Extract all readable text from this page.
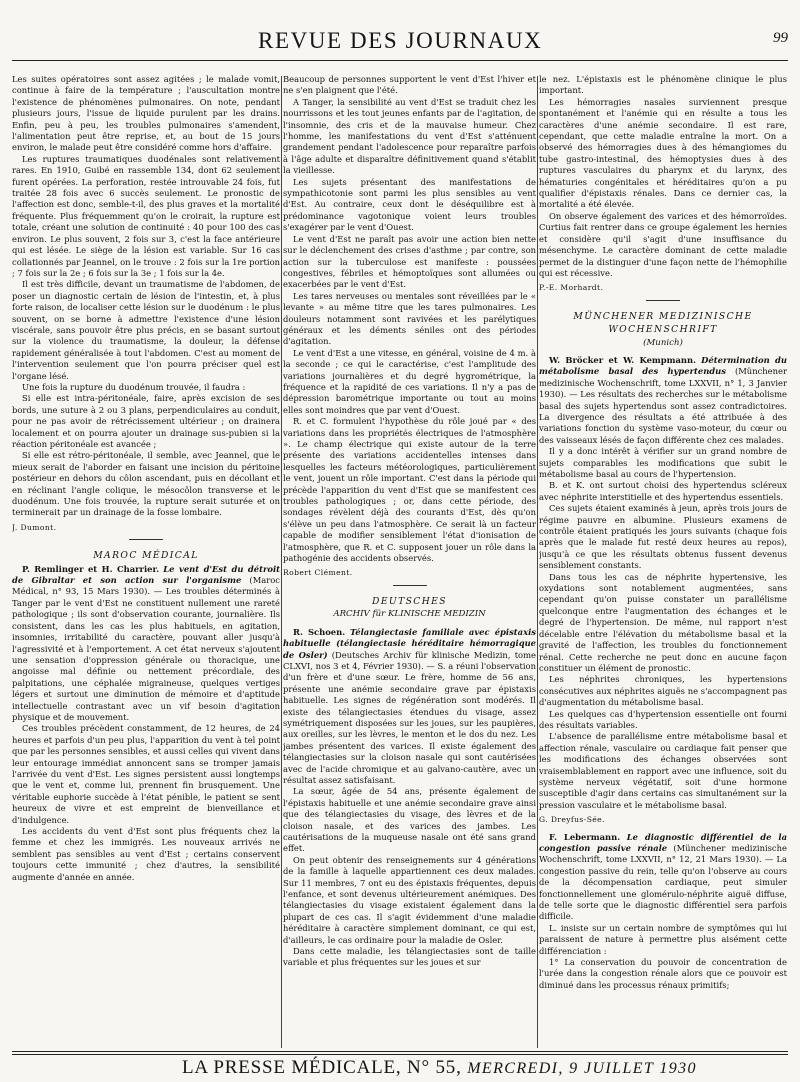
REVUE DES JOURNAUX	99

Les suites opératoires sont assez agitées ; le malade vomit, continue à faire de la température ; l'auscultation montre l'existence de phénomènes pulmonaires. On note, pendant plusieurs jours, l'issue de liquide purulent par les drains. Enfin, peu à peu, les troubles pulmonaires s'amendent, l'alimentation peut être reprise, et, au bout de 15 jours environ, le malade peut être considéré comme hors d'affaire.

Les ruptures traumatiques duodénales sont relativement rares. En 1910, Guibé en rassemble 134, dont 62 seulement furent opérées. La perforation, restée introuvable 24 fois, fut traitée 28 fois avec 6 succès seulement. Le pronostic de l'affection est donc, semble-t-il, des plus graves et la mortalité fréquente. Plus fréquemment qu'on le croirait, la rupture est totale, créant une solution de continuité : 40 pour 100 des cas environ. Le plus souvent, 2 fois sur 3, c'est la face antérieure qui est lésée. Le siège de la lésion est variable. Sur 16 cas collationnés par Jeannel, on le trouve : 2 fois sur la 1re portion ; 7 fois sur la 2e ; 6 fois sur la 3e ; 1 fois sur la 4e.

Il est très difficile, devant un traumatisme de l'abdomen, de poser un diagnostic certain de lésion de l'intestin, et, à plus forte raison, de localiser cette lésion sur le duodénum : le plus souvent, on se borne à admettre l'existence d'une lésion viscérale, sans pouvoir être plus précis, en se basant surtout sur la violence du traumatisme, la douleur, la défense rapidement généralisée à tout l'abdomen. C'est au moment de l'intervention seulement que l'on pourra préciser quel est l'organe lésé.

Une fois la rupture du duodénum trouvée, il faudra :

Si elle est intra-péritonéale, faire, après excision de ses bords, une suture à 2 ou 3 plans, perpendiculaires au conduit, pour ne pas avoir de rétrécissement ultérieur ; on drainera localement et on pourra ajouter un drainage sus-pubien si la réaction péritonéale est avancée ;

Si elle est rétro-péritonéale, il semble, avec Jeannel, que le mieux serait de l'aborder en faisant une incision du péritoine postérieur en dehors du côlon ascendant, puis en décollant et en réclinant l'angle colique, le mésocôlon transverse et le duodénum. Une fois trouvée, la rupture serait suturée et on terminerait par un drainage de la fosse lombaire.

J. Dumont.

MAROC MÉDICAL

P. Remlinger et H. Charrier. Le vent d'Est du détroit de Gibraltar et son action sur l'organisme (Maroc Médical, n° 93, 15 Mars 1930). — Les troubles déterminés à Tanger par le vent d'Est ne constituent nullement une rareté pathologique ; ils sont d'observation courante, journalière. Ils consistent, dans les cas les plus habituels, en agitation, insomnies, irritabilité du caractère, pouvant aller jusqu'à l'agressivité et à l'emportement. A cet état nerveux s'ajoutent une sensation d'oppression générale ou thoracique, une angoisse mal définie ou nettement précordiale, des palpitations, une céphalée migraineuse, quelques vertiges légers et surtout une diminution de mémoire et d'aptitude intellectuelle contrastant avec un vif besoin d'agitation physique et de mouvement.

Ces troubles précèdent constamment, de 12 heures, de 24 heures et parfois d'un peu plus, l'apparition du vent à tel point que par les personnes sensibles, et aussi celles qui vivent dans leur entourage immédiat annoncent sans se tromper jamais l'arrivée du vent d'Est. Les signes persistent aussi longtemps que le vent et, comme lui, prennent fin brusquement. Une véritable euphorie succède à l'état pénible, le patient se sent heureux de vivre et est empreint de bienveillance et d'indulgence.

Les accidents du vent d'Est sont plus fréquents chez la femme et chez les immigrés. Les nouveaux arrivés ne semblent pas sensibles au vent d'Est ; certains conservent toujours cette immunité ; chez d'autres, la sensibilité augmente d'année en année.

Beaucoup de personnes supportent le vent d'Est l'hiver et ne s'en plaignent que l'été.

A Tanger, la sensibilité au vent d'Est se traduit chez les nourrissons et les tout jeunes enfants par de l'agitation, de l'insomnie, des cris et de la mauvaise humeur. Chez l'homme, les manifestations du vent d'Est s'atténuent grandement pendant l'adolescence pour reparaître parfois à l'âge adulte et disparaître définitivement quand s'établit la vieillesse.

Les sujets présentant des manifestations de sympathicotonie sont parmi les plus sensibles au vent d'Est. Au contraire, ceux dont le déséquilibre est à prédominance vagotonique voient leurs troubles s'exagérer par le vent d'Ouest.

Le vent d'Est ne paraît pas avoir une action bien nette sur le déclenchement des crises d'asthme ; par contre, son action sur la tuberculose est manifeste : poussées congestives, fébriles et hémoptoïques sont allumées ou exacerbées par le vent d'Est.

Les tares nerveuses ou mentales sont réveillées par le « levante » au même titre que les tares pulmonaires. Les douleurs notamment sont ravivées et les parélytiques généraux et les déments séniles ont des périodes d'agitation.

Le vent d'Est a une vitesse, en général, voisine de 4 m. à la seconde ; ce qui le caractérise, c'est l'amplitude des variations journalières et du degré hygrométrique, la fréquence et la rapidité de ces variations. Il n'y a pas de dépression barométrique importante ou tout au moins elles sont moindres que par vent d'Ouest.

R. et C. formulent l'hypothèse du rôle joué par « des variations dans les propriétés électriques de l'atmosphère ». Le champ électrique qui existe autour de la terre présente des variations accidentelles intenses dans lesquelles les facteurs météorologiques, particulièrement le vent, jouent un rôle important. C'est dans la période qui précède l'apparition du vent d'Est que se manifestent ces troubles pathologiques ; or, dans cette période, des sondages révèlent déjà des courants d'Est, dès qu'on s'élève un peu dans l'atmosphère. Ce serait là un facteur capable de modifier sensiblement l'état d'ionisation de l'atmosphère, que R. et C. supposent jouer un rôle dans la pathogénie des accidents observés.

Robert Clément.

DEUTSCHES
ARCHIV für KLINISCHE MEDIZIN

R. Schoen. Télangiectasie familiale avec épistaxis habituelle (télangiectasie héréditaire hémorragique de Osler) (Deutsches Archiv für klinische Medizin, tome CLXVI, nos 3 et 4, Février 1930). — S. a réuni l'observation d'un frère et d'une sœur. Le frère, homme de 56 ans, présente une anémie secondaire grave par épistaxis habituelle. Les signes de régénération sont modérés. Il existe des télangiectasies étendues du visage, assez symétriquement disposées sur les joues, sur les paupières, aux oreilles, sur les lèvres, le menton et le dos du nez. Les jambes présentent des varices. Il existe également des télangiectasies sur la cloison nasale qui sont cautérisées avec de l'acide chromique et au galvano-cautère, avec un résultat assez satisfaisant.

La sœur, âgée de 54 ans, présente également de l'épistaxis habituelle et une anémie secondaire grave ainsi que des télangiectasies du visage, des lèvres et de la cloison nasale, et des varices des jambes. Les cautérisations de la muqueuse nasale ont été sans grand effet.

On peut obtenir des renseignements sur 4 générations de la famille à laquelle appartiennent ces deux malades. Sur 11 membres, 7 ont eu des épistaxis fréquentes, depuis l'enfance, et sont devenus ultérieurement anémiques. Des télangiectasies du visage existaient également dans la plupart de ces cas. Il s'agit évidemment d'une maladie héréditaire à caractère simplement dominant, ce qui est, d'ailleurs, le cas ordinaire pour la maladie de Osler.

Dans cette maladie, les télangiectasies sont de taille variable et plus fréquentes sur les joues et sur

le nez. L'épistaxis est le phénomène clinique le plus important.

Les hémorragies nasales surviennent presque spontanément et l'anémie qui en résulte a tous les caractères d'une anémie secondaire. Il est rare, cependant, que cette maladie entraîne la mort. On a observé des hémorragies dues à des hémangiomes du tube gastro-intestinal, des hémoptysies dues à des ruptures vasculaires du pharynx et du larynx, des hématuries congénitales et héréditaires qu'on a pu qualifier d'épistaxis rénales. Dans ce dernier cas, la mortalité a été élevée.

On observe également des varices et des hémorroïdes. Curtius fait rentrer dans ce groupe également les hernies et considère qu'il s'agit d'une insuffisance du mésenchyme. Le caractère dominant de cette maladie permet de la distinguer d'une façon nette de l'hémophilie qui est récessive.

P.-E. Morhardt.

MÜNCHENER MEDIZINISCHE
WOCHENSCHRIFT
(Munich)

W. Bröcker et W. Kempmann. Détermination du métabolisme basal des hypertendus (Münchener medizinische Wochenschrift, tome LXXVII, n° 1, 3 Janvier 1930). — Les résultats des recherches sur le métabolisme basal des sujets hypertendus sont assez contradictoires. La divergence des résultats a été attribuée à des variations fonction du système vaso-moteur, du cœur ou des vaisseaux lésés de façon différente chez ces malades.

Il y a donc intérêt à vérifier sur un grand nombre de sujets comparables les modifications que subit le métabolisme basal au cours de l'hypertension.

B. et K. ont surtout choisi des hypertendus scléreux avec néphrite interstitielle et des hypertendus essentiels.

Ces sujets étaient examinés à jeun, après trois jours de régime pauvre en albumine. Plusieurs examens de contrôle étaient pratiqués les jours suivants (chaque fois après que le malade fut resté deux heures au repos), jusqu'à ce que les résultats obtenus fussent devenus sensiblement constants.

Dans tous les cas de néphrite hypertensive, les oxydations sont notablement augmentées, sans cependant qu'on puisse constater un parallélisme quelconque entre l'augmentation des échanges et le degré de l'hypertension. De même, nul rapport n'est décelable entre l'élévation du métabolisme basal et la gravité de l'affection, les troubles du fonctionnement rénal. Cette recherche ne peut donc en aucune façon constituer un élément de pronostic.

Les néphrites chroniques, les hypertensions consécutives aux néphrites aiguës ne s'accompagnent pas d'augmentation du métabolisme basal.

Les quelques cas d'hypertension essentielle ont fourni des résultats variables.

L'absence de parallélisme entre métabolisme basal et affection rénale, vasculaire ou cardiaque fait penser que les modifications des échanges observées sont vraisemblablement en rapport avec une influence, soit du système nerveux végétatif, soit d'une hormone susceptible d'agir dans certains cas simultanément sur la pression vasculaire et le métabolisme basal.

G. Dreyfus-Sée.

F. Lebermann. Le diagnostic différentiel de la congestion passive rénale (Münchener medizinische Wochenschrift, tome LXXVII, n° 12, 21 Mars 1930). — La congestion passive du rein, telle qu'on l'observe au cours de la décompensation cardiaque, peut simuler fonctionnellement une glomérulo-néphrite aiguë diffuse, de telle sorte que le diagnostic différentiel sera parfois difficile.

L. insiste sur un certain nombre de symptômes qui lui paraissent de nature à permettre plus aisément cette différenciation :

1° La conservation du pouvoir de concentration de l'urée dans la congestion rénale alors que ce pouvoir est diminué dans les processus rénaux primitifs;

LA PRESSE MÉDICALE, N° 55, MERCREDI, 9 JUILLET 1930
